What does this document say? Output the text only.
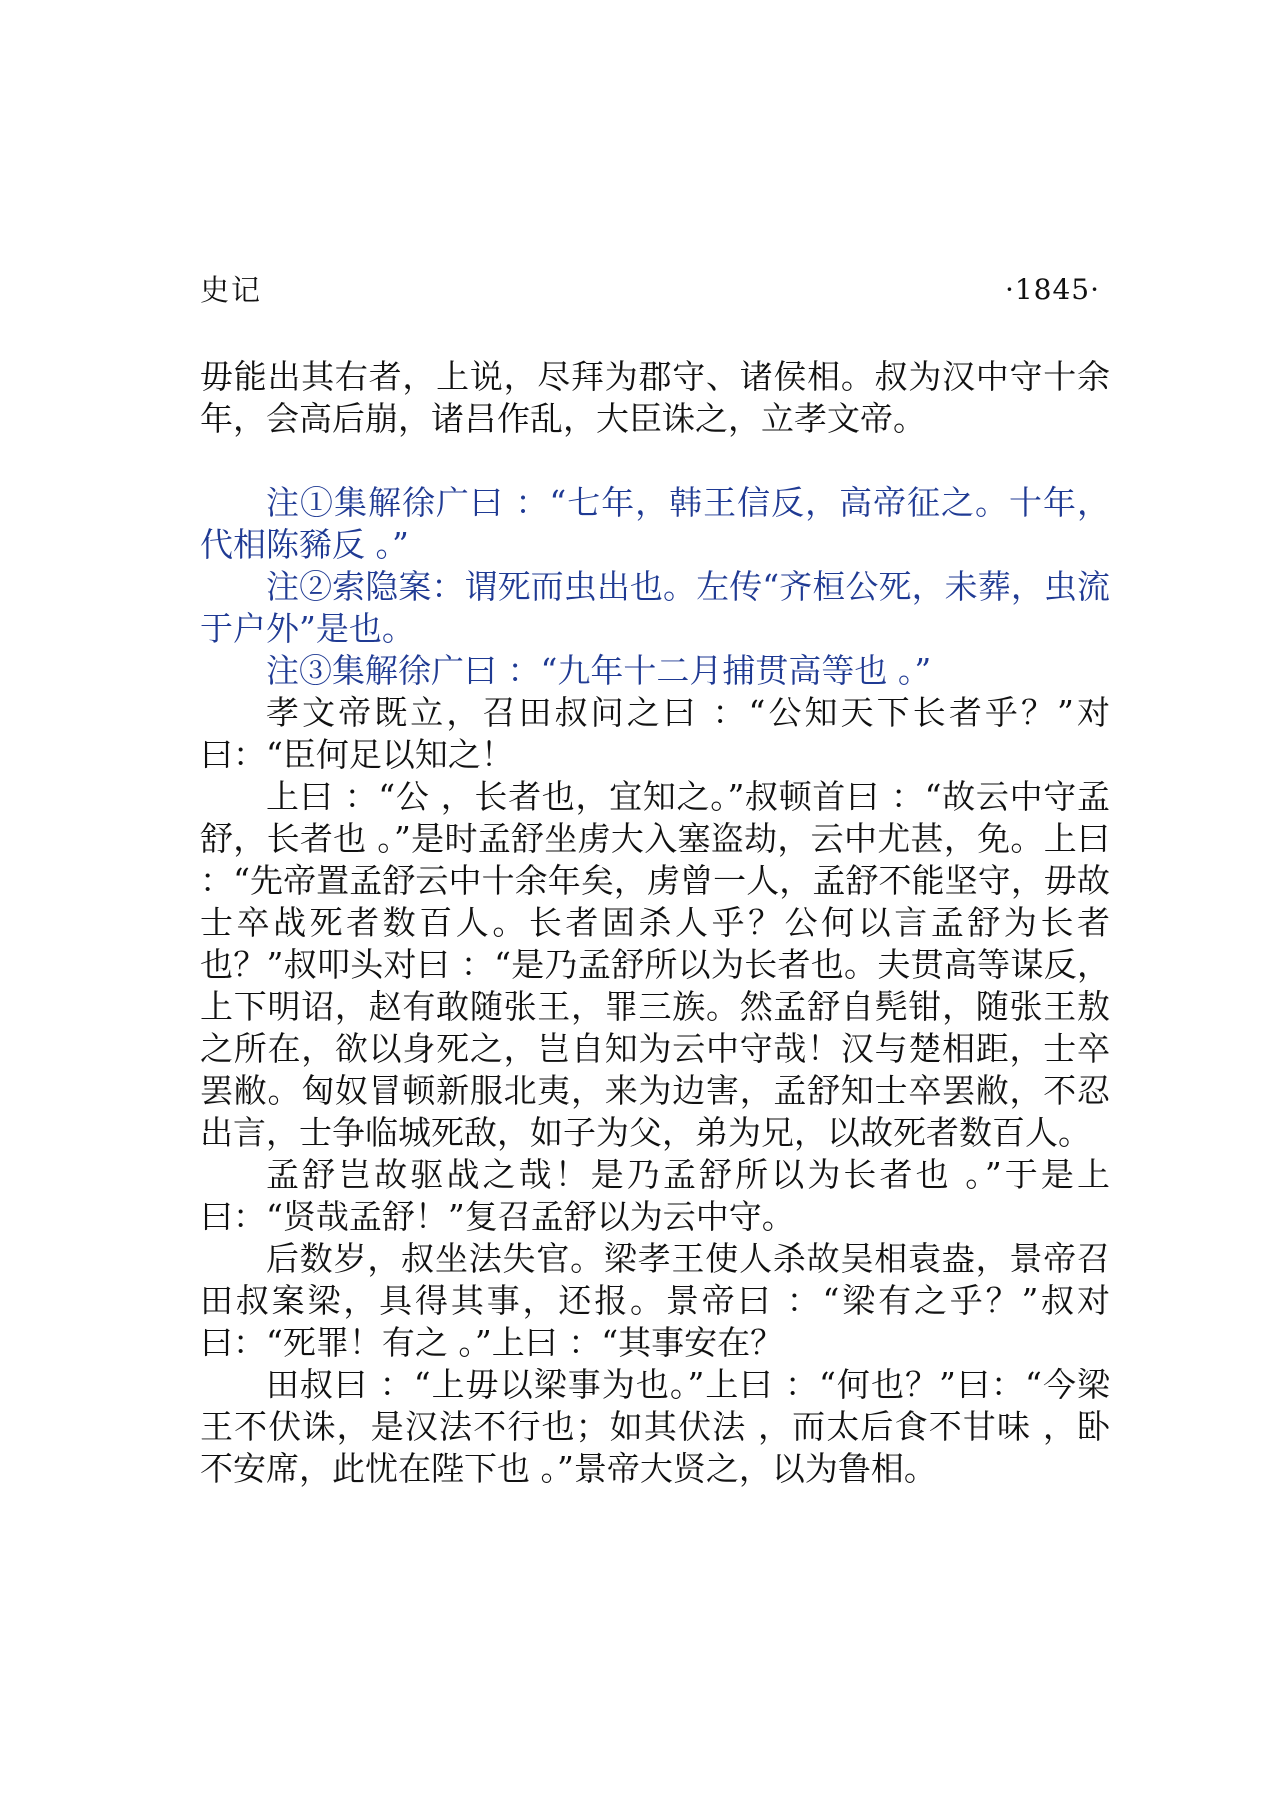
史记	·1845·

毋能出其右者，上说，尽拜为郡守、诸侯相。叔为汉中守十余年，会高后崩，诸吕作乱，大臣诛之，立孝文帝。

注①集解徐广曰 ：“七年，韩王信反，高帝征之。十年，代相陈豨反 。”

注②索隐案：谓死而虫出也。左传“齐桓公死，未葬，虫流于户外”是也。

注③集解徐广曰 ：“九年十二月捕贯高等也 。”

孝文帝既立，召田叔问之曰 ：“公知天下长者乎？”对曰：“臣何足以知之！

上曰 ：“公 ，长者也，宜知之。”叔顿首曰 ：“故云中守孟舒，长者也 。”是时孟舒坐虏大入塞盗劫，云中尤甚，免。上曰 ：“先帝置孟舒云中十余年矣，虏曾一人，孟舒不能坚守，毋故士卒战死者数百人。长者固杀人乎？公何以言孟舒为长者也？”叔叩头对曰 ：“是乃孟舒所以为长者也。夫贯高等谋反，上下明诏，赵有敢随张王，罪三族。然孟舒自髡钳，随张王敖之所在，欲以身死之，岂自知为云中守哉！汉与楚相距，士卒罢敝。匈奴冒顿新服北夷，来为边害，孟舒知士卒罢敝，不忍出言，士争临城死敌，如子为父，弟为兄，以故死者数百人。

孟舒岂故驱战之哉！是乃孟舒所以为长者也 。”于是上曰：“贤哉孟舒！”复召孟舒以为云中守。

后数岁，叔坐法失官。梁孝王使人杀故吴相袁盎，景帝召田叔案梁，具得其事，还报。景帝曰 ：“梁有之乎？”叔对曰：“死罪！有之 。”上曰 ：“其事安在？

田叔曰 ：“上毋以梁事为也。”上曰 ：“何也？”曰：“今梁王不伏诛，是汉法不行也；如其伏法 ，而太后食不甘味 ，卧不安席，此忧在陛下也 。”景帝大贤之，以为鲁相。
